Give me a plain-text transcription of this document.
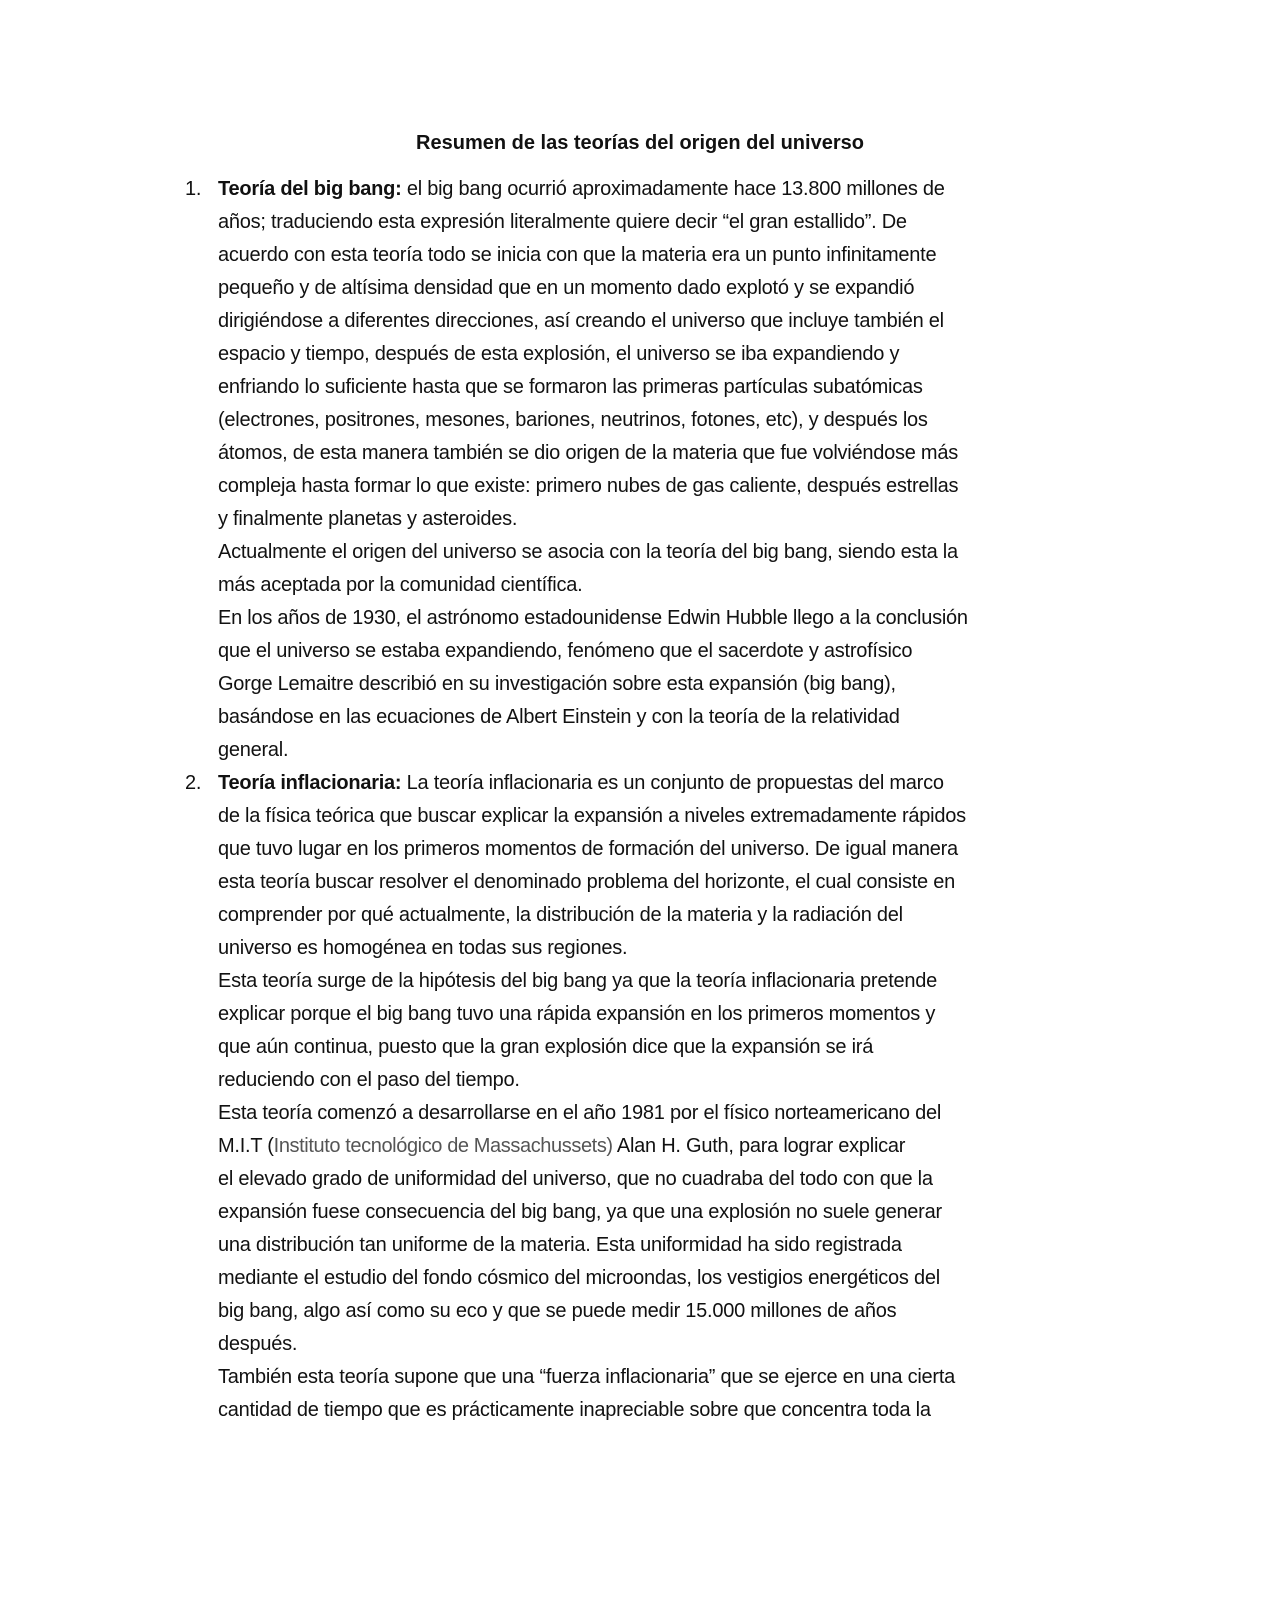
Resumen de las teorías del origen del universo
1. Teoría del big bang: el big bang ocurrió aproximadamente hace 13.800 millones de
años; traduciendo esta expresión literalmente quiere decir “el gran estallido”. De
acuerdo con esta teoría todo se inicia con que la materia era un punto infinitamente
pequeño y de altísima densidad que en un momento dado explotó y se expandió
dirigiéndose a diferentes direcciones, así creando el universo que incluye también el
espacio y tiempo, después de esta explosión, el universo se iba expandiendo y
enfriando lo suficiente hasta que se formaron las primeras partículas subatómicas
(electrones, positrones, mesones, bariones, neutrinos, fotones, etc), y después los
átomos, de esta manera también se dio origen de la materia que fue volviéndose más
compleja hasta formar lo que existe: primero nubes de gas caliente, después estrellas
y finalmente planetas y asteroides.
Actualmente el origen del universo se asocia con la teoría del big bang, siendo esta la
más aceptada por la comunidad científica.
En los años de 1930, el astrónomo estadounidense Edwin Hubble llego a la conclusión
que el universo se estaba expandiendo, fenómeno que el sacerdote y astrofísico
Gorge Lemaitre describió en su investigación sobre esta expansión (big bang),
basándose en las ecuaciones de Albert Einstein y con la teoría de la relatividad
general.
2. Teoría inflacionaria: La teoría inflacionaria es un conjunto de propuestas del marco
de la física teórica que buscar explicar la expansión a niveles extremadamente rápidos
que tuvo lugar en los primeros momentos de formación del universo. De igual manera
esta teoría buscar resolver el denominado problema del horizonte, el cual consiste en
comprender por qué actualmente, la distribución de la materia y la radiación del
universo es homogénea en todas sus regiones.
Esta teoría surge de la hipótesis del big bang ya que la teoría inflacionaria pretende
explicar porque el big bang tuvo una rápida expansión en los primeros momentos y
que aún continua, puesto que la gran explosión dice que la expansión se irá
reduciendo con el paso del tiempo.
Esta teoría comenzó a desarrollarse en el año 1981 por el físico norteamericano del
M.I.T (Instituto tecnológico de Massachussets) Alan H. Guth, para lograr explicar
el elevado grado de uniformidad del universo, que no cuadraba del todo con que la
expansión fuese consecuencia del big bang, ya que una explosión no suele generar
una distribución tan uniforme de la materia. Esta uniformidad ha sido registrada
mediante el estudio del fondo cósmico del microondas, los vestigios energéticos del
big bang, algo así como su eco y que se puede medir 15.000 millones de años
después.
También esta teoría supone que una “fuerza inflacionaria” que se ejerce en una cierta
cantidad de tiempo que es prácticamente inapreciable sobre que concentra toda la
